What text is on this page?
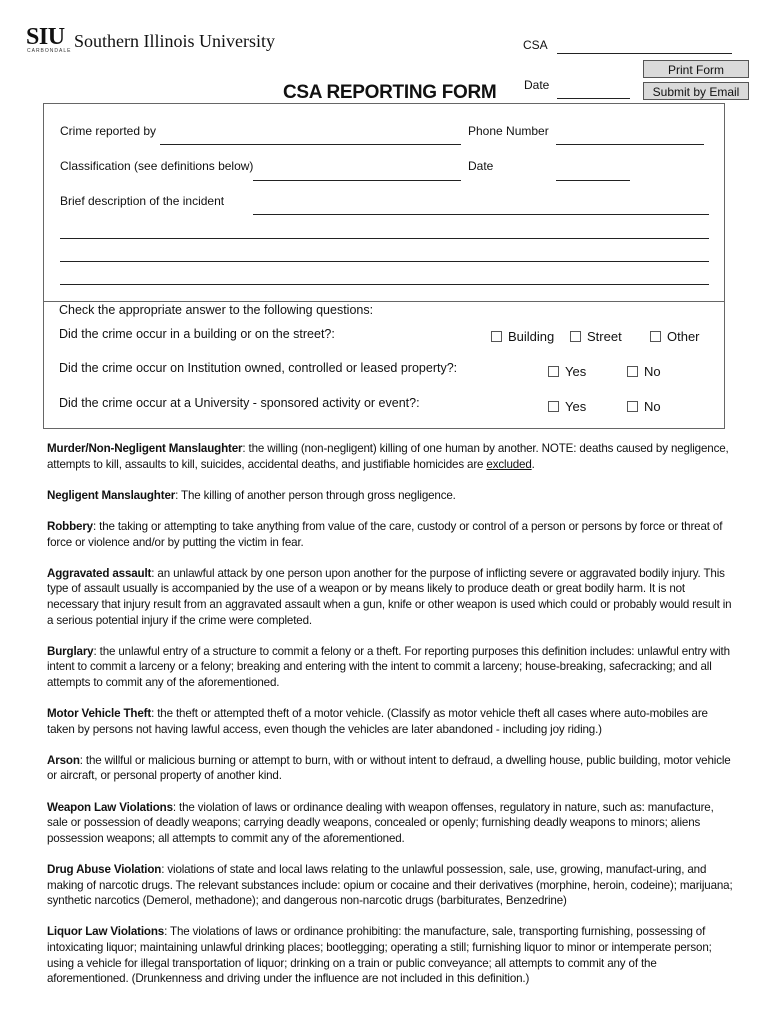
SIU
CARBONDALE Southern Illinois University	CSA
Print Form
Submit by Email
Date
CSA REPORTING FORM
Crime reported by	Phone Number
Classification (see definitions below)	Date
Brief description of the incident
Check the appropriate answer to the following questions:
Did the crime occur in a building or on the street?:	Building	Street	Other
Did the crime occur on Institution owned, controlled or leased property?:	Yes	No
Did the crime occur at a University - sponsored activity or event?:	Yes	No

Murder/Non-Negligent Manslaughter: the willing (non-negligent) killing of one human by another. NOTE: deaths caused by negligence, attempts to kill, assaults to kill, suicides, accidental deaths, and justifiable homicides are excluded.

Negligent Manslaughter: The killing of another person through gross negligence.

Robbery: the taking or attempting to take anything from value of the care, custody or control of a person or persons by force or threat of force or violence and/or by putting the victim in fear.

Aggravated assault: an unlawful attack by one person upon another for the purpose of inflicting severe or aggravated bodily injury. This type of assault usually is accompanied by the use of a weapon or by means likely to produce death or great bodily harm. It is not necessary that injury result from an aggravated assault when a gun, knife or other weapon is used which could or probably would result in a serious potential injury if the crime were completed.

Burglary: the unlawful entry of a structure to commit a felony or a theft. For reporting purposes this definition includes: unlawful entry with intent to commit a larceny or a felony; breaking and entering with the intent to commit a larceny; house-breaking, safecracking; and all attempts to commit any of the aforementioned.

Motor Vehicle Theft: the theft or attempted theft of a motor vehicle. (Classify as motor vehicle theft all cases where auto-mobiles are taken by persons not having lawful access, even though the vehicles are later abandoned - including joy riding.)

Arson: the willful or malicious burning or attempt to burn, with or without intent to defraud, a dwelling house, public building, motor vehicle or aircraft, or personal property of another kind.

Weapon Law Violations: the violation of laws or ordinance dealing with weapon offenses, regulatory in nature, such as: manufacture, sale or possession of deadly weapons; carrying deadly weapons, concealed or openly; furnishing deadly weapons to minors; aliens possession weapons; all attempts to commit any of the aforementioned.

Drug Abuse Violation: violations of state and local laws relating to the unlawful possession, sale, use, growing, manufact-uring, and making of narcotic drugs. The relevant substances include: opium or cocaine and their derivatives (morphine, heroin, codeine); marijuana; synthetic narcotics (Demerol, methadone); and dangerous non-narcotic drugs (barbiturates, Benzedrine)

Liquor Law Violations: The violations of laws or ordinance prohibiting: the manufacture, sale, transporting furnishing, possessing of intoxicating liquor; maintaining unlawful drinking places; bootlegging; operating a still; furnishing liquor to minor or intemperate person; using a vehicle for illegal transportation of liquor; drinking on a train or public conveyance; all attempts to commit any of the aforementioned. (Drunkenness and driving under the influence are not included in this definition.)
